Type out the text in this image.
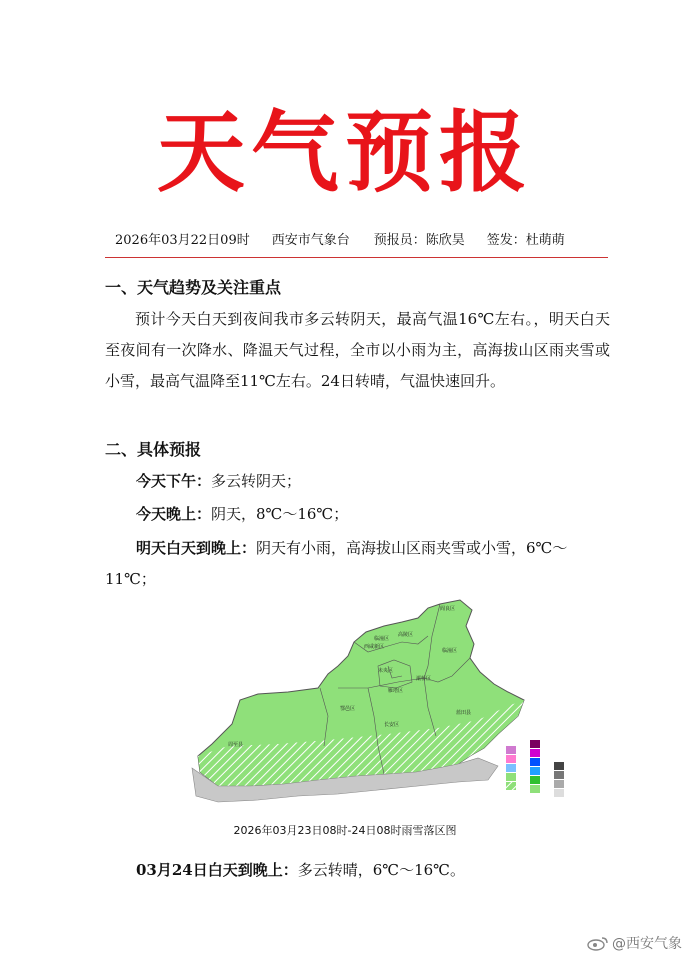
天气预报
2026年03月22日09时 西安市气象台 预报员：陈欣昊 签发：杜萌萌
一、天气趋势及关注重点
预计今天白天到夜间我市多云转阴天，最高气温16℃左右。，明天白天至夜间有一次降水、降温天气过程，全市以小雨为主，高海拔山区雨夹雪或小雪，最高气温降至11℃左右。24日转晴，气温快速回升。
二、具体预报
今天下午：多云转阴天；
今天晚上：阴天，8℃～16℃；
明天白天到晚上：阴天有小雨，高海拔山区雨夹雪或小雪，6℃～11℃；
阎良区
临潼区
高陵区
西咸新区
临潼区
未央区
灞桥区
雁塔区
长安区
鄠邑区
周至县
蓝田县
2026年03月23日08时-24日08时雨雪落区图
03月24日白天到晚上：多云转晴，6℃～16℃。
@西安气象
